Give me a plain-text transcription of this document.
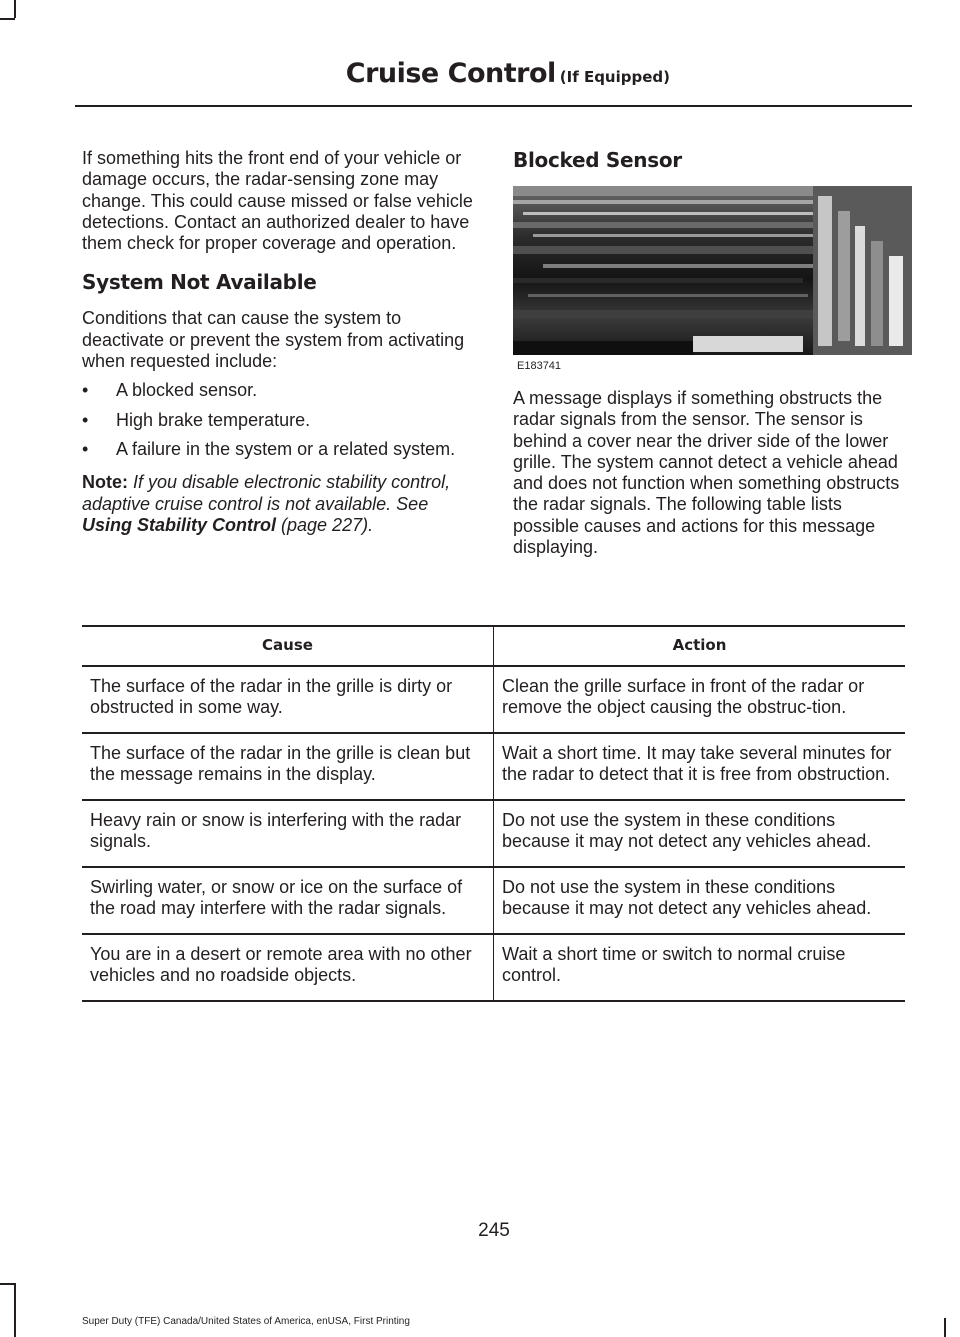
Cruise Control (If Equipped)

If something hits the front end of your vehicle or damage occurs, the radar-sensing zone may change. This could cause missed or false vehicle detections. Contact an authorized dealer to have them check for proper coverage and operation.

System Not Available

Conditions that can cause the system to deactivate or prevent the system from activating when requested include:

• A blocked sensor.
• High brake temperature.
• A failure in the system or a related system.

Note: If you disable electronic stability control, adaptive cruise control is not available. See Using Stability Control (page 227).

Blocked Sensor
E183741

A message displays if something obstructs the radar signals from the sensor. The sensor is behind a cover near the driver side of the lower grille. The system cannot detect a vehicle ahead and does not function when something obstructs the radar signals. The following table lists possible causes and actions for this message displaying.

Cause	Action
The surface of the radar in the grille is dirty or obstructed in some way.	Clean the grille surface in front of the radar or remove the object causing the obstruc-tion.
The surface of the radar in the grille is clean but the message remains in the display.	Wait a short time. It may take several minutes for the radar to detect that it is free from obstruction.
Heavy rain or snow is interfering with the radar signals.	Do not use the system in these conditions because it may not detect any vehicles ahead.
Swirling water, or snow or ice on the surface of the road may interfere with the radar signals.	Do not use the system in these conditions because it may not detect any vehicles ahead.
You are in a desert or remote area with no other vehicles and no roadside objects.	Wait a short time or switch to normal cruise control.
245
Super Duty (TFE) Canada/United States of America, enUSA, First Printing
